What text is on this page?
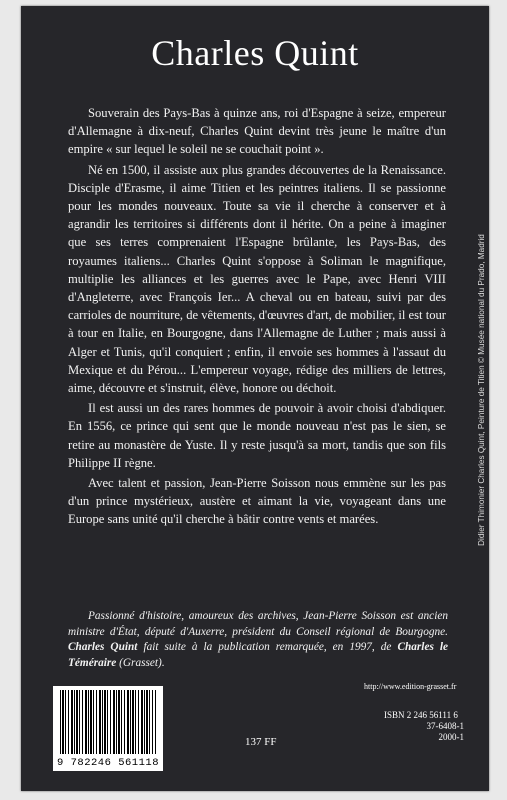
Charles Quint

Souverain des Pays-Bas à quinze ans, roi d'Espagne à seize, empereur d'Allemagne à dix-neuf, Charles Quint devint très jeune le maître d'un empire « sur lequel le soleil ne se couchait point ».

Né en 1500, il assiste aux plus grandes découvertes de la Renaissance. Disciple d'Erasme, il aime Titien et les peintres italiens. Il se passionne pour les mondes nouveaux. Toute sa vie il cherche à conserver et à agrandir les territoires si différents dont il hérite. On a peine à imaginer que ses terres comprenaient l'Espagne brûlante, les Pays-Bas, des royaumes italiens... Charles Quint s'oppose à Soliman le magnifique, multiplie les alliances et les guerres avec le Pape, avec Henri VIII d'Angleterre, avec François Ier... A cheval ou en bateau, suivi par des carrioles de nourriture, de vêtements, d'œuvres d'art, de mobilier, il est tour à tour en Italie, en Bourgogne, dans l'Allemagne de Luther ; mais aussi à Alger et Tunis, qu'il conquiert ; enfin, il envoie ses hommes à l'assaut du Mexique et du Pérou... L'empereur voyage, rédige des milliers de lettres, aime, découvre et s'instruit, élève, honore ou déchoit.

Il est aussi un des rares hommes de pouvoir à avoir choisi d'abdiquer. En 1556, ce prince qui sent que le monde nouveau n'est pas le sien, se retire au monastère de Yuste. Il y reste jusqu'à sa mort, tandis que son fils Philippe II règne.

Avec talent et passion, Jean-Pierre Soisson nous emmène sur les pas d'un prince mystérieux, austère et aimant la vie, voyageant dans une Europe sans unité qu'il cherche à bâtir contre vents et marées.

Passionné d'histoire, amoureux des archives, Jean-Pierre Soisson est ancien ministre d'État, député d'Auxerre, président du Conseil régional de Bourgogne. Charles Quint fait suite à la publication remarquée, en 1997, de Charles le Téméraire (Grasset).
Didier Thimonier Charles Quint, Peinture de Titien © Musée national du Prado, Madrid
9 782246 561118
137 FF
http://www.edition-grasset.fr
ISBN 2 246 56111 6
37-6408-1
2000-1
